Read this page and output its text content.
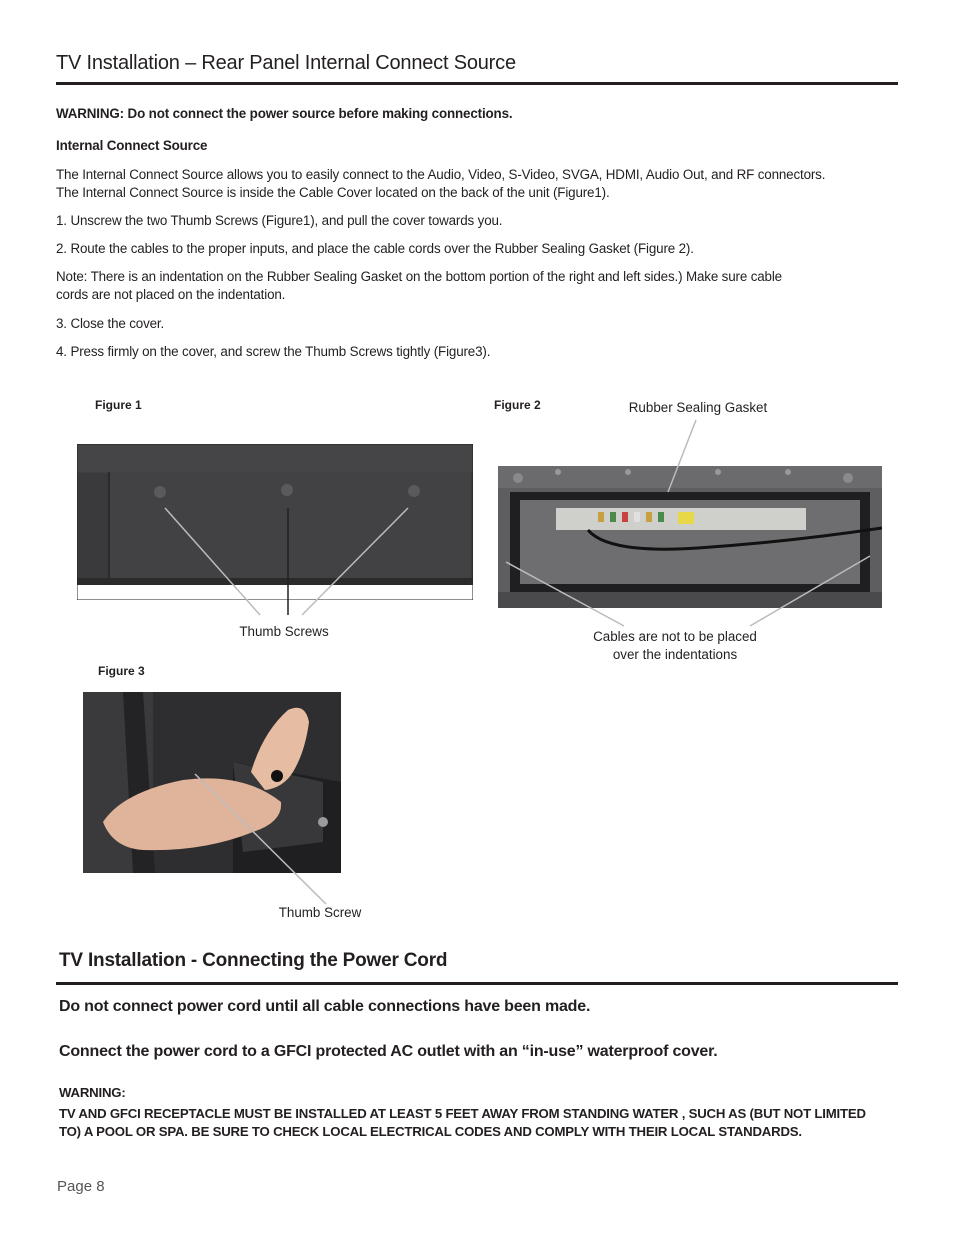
TV Installation – Rear Panel Internal Connect Source
WARNING: Do not connect the power source before making connections.
Internal Connect Source
The Internal Connect Source allows you to easily connect to the Audio, Video, S-Video, SVGA, HDMI, Audio Out, and RF connectors.
The Internal Connect Source is inside the Cable Cover located on the back of the unit (Figure1).
1. Unscrew the two Thumb Screws (Figure1), and pull the cover towards you.
2. Route the cables to the proper inputs, and place the cable cords over the Rubber Sealing Gasket (Figure 2).
Note: There is an indentation on the Rubber Sealing Gasket on the bottom portion of the right and left sides.) Make sure cable
cords are not placed on the indentation.
3. Close the cover.
4. Press firmly on the cover, and screw the Thumb Screws tightly (Figure3).
Figure 1
Thumb Screws
Figure 2	Rubber Sealing Gasket
Cables are not to be placed
over the indentations
Figure 3
Thumb Screw
TV Installation - Connecting the Power Cord
Do not connect power cord until all cable connections have been made.
Connect the power cord to a GFCI protected AC outlet with an “in-use” waterproof cover.
WARNING:
TV AND GFCI RECEPTACLE MUST BE INSTALLED AT LEAST 5 FEET AWAY FROM STANDING WATER , SUCH AS (BUT NOT LIMITED
TO) A POOL OR SPA. BE SURE TO CHECK LOCAL ELECTRICAL CODES AND COMPLY WITH THEIR LOCAL STANDARDS.
Page 8
